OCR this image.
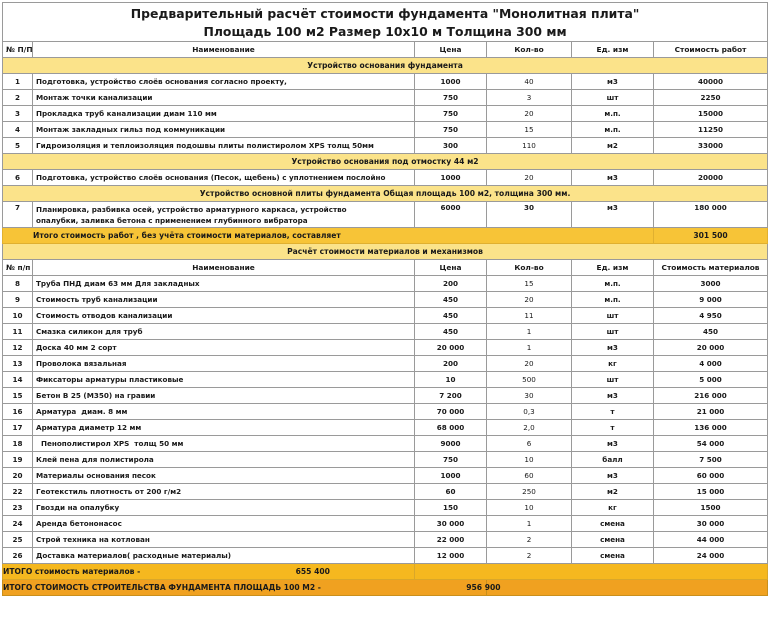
Предварительный расчёт стоимости фундамента "Монолитная плита"
Площадь 100 м2 Размер 10х10 м Толщина 300 мм					

№ П/П	Наименование	Цена	Кол-во	Ед. изм	Стоимость работ
Устройство основания фундамента					
1	Подготовка, устройство слоёв основания согласно проекту,	1000	40	м3	40000
2	Монтаж точки канализации	750	3	шт	2250
3	Прокладка труб канализации диам 110 мм	750	20	м.п.	15000
4	Монтаж закладных гильз под коммуникации	750	15	м.п.	11250
5	Гидроизоляция и теплоизоляция подошвы плиты полистиролом XPS толщ 50мм	300	110	м2	33000
Устройство основания под отмостку 44 м2					
6	Подготовка, устройство слоёв основания (Песок, щебень) с уплотнением послойно	1000	20	м3	20000
Устройство основной плиты фундамента Общая площадь 100 м2, толщина 300 мм.					
7	Планировка, разбивка осей, устройство арматурного каркаса, устройство
опалубки, заливка бетона с применением глубинного вибратора	6000	30	м3	180 000
Итого стоимость работ , без учёта стоимости материалов, составляет					301 500
Расчёт стоимости материалов и механизмов					
№ п/п	Наименование	Цена	Кол-во	Ед. изм	Стоимость материалов
8	Труба ПНД диам 63 мм Для закладных	200	15	м.п.	3000
9	Стоимость труб канализации	450	20	м.п.	9 000
10	Стоимость отводов канализации	450	11	шт	4 950
11	Смазка силикон для труб	450	1	шт	450
12	Доска 40 мм 2 сорт	20 000	1	м3	20 000
13	Проволока вязальная	200	20	кг	4 000
14	Фиксаторы арматуры пластиковые	10	500	шт	5 000
15	Бетон В 25 (М350) на гравии	7 200	30	м3	216 000
16	Арматура  диам. 8 мм	70 000	0,3	т	21 000
17	Арматура диаметр 12 мм	68 000	2,0	т	136 000
18	Пенополистирол XPS  толщ 50 мм	9000	6	м3	54 000
19	Клей пена для полистирола	750	10	балл	7 500
20	Материалы основания песок	1000	60	м3	60 000
22	Геотекстиль плотность от 200 г/м2	60	250	м2	15 000
23	Гвозди на опалубку	150	10	кг	1500
24	Аренда бетононасос	30 000	1	смена	30 000
25	Строй техника на котлован	22 000	2	смена	44 000
26	Доставка материалов( расходные материалы)	12 000	2	смена	24 000
ИТОГО стоимость материалов - 655 400					
ИТОГО СТОИМОСТЬ СТРОИТЕЛЬСТВА ФУНДАМЕНТА ПЛОЩАДЬ 100 М2 - 956 900					
